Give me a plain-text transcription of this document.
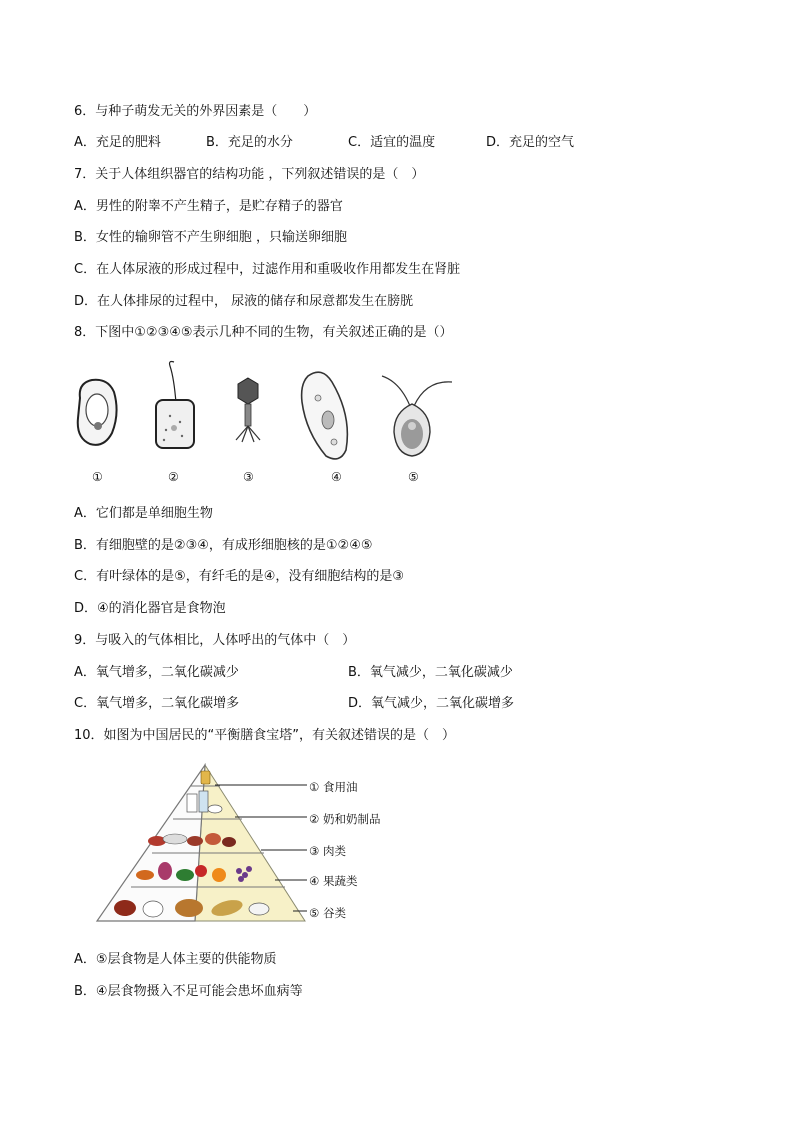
6．与种子萌发无关的外界因素是（　　）
A．充足的肥料	B．充足的水分	C．适宜的温度	D．充足的空气
7．关于人体组织器官的结构功能 ，下列叙述错误的是（　）
A．男性的附睾不产生精子，是贮存精子的器官
B．女性的输卵管不产生卵细胞 ，只输送卵细胞
C．在人体尿液的形成过程中，过滤作用和重吸收作用都发生在肾脏
D．在人体排尿的过程中， 尿液的储存和尿意都发生在膀胱
8．下图中①②③④⑤表示几种不同的生物，有关叙述正确的是（）
①	②	③	④	⑤
A．它们都是单细胞生物
B．有细胞壁的是②③④，有成形细胞核的是①②④⑤
C．有叶绿体的是⑤，有纤毛的是④，没有细胞结构的是③
D．④的消化器官是食物泡
9．与吸入的气体相比，人体呼出的气体中（　）
A．氧气增多，二氧化碳减少	B．氧气减少，二氧化碳减少
C．氧气增多，二氧化碳增多	D．氧气减少，二氧化碳增多
10．如图为中国居民的“平衡膳食宝塔”，有关叙述错误的是（　）
① 食用油
② 奶和奶制品
③ 肉类
④ 果蔬类
⑤ 谷类
A．⑤层食物是人体主要的供能物质
B．④层食物摄入不足可能会患坏血病等
